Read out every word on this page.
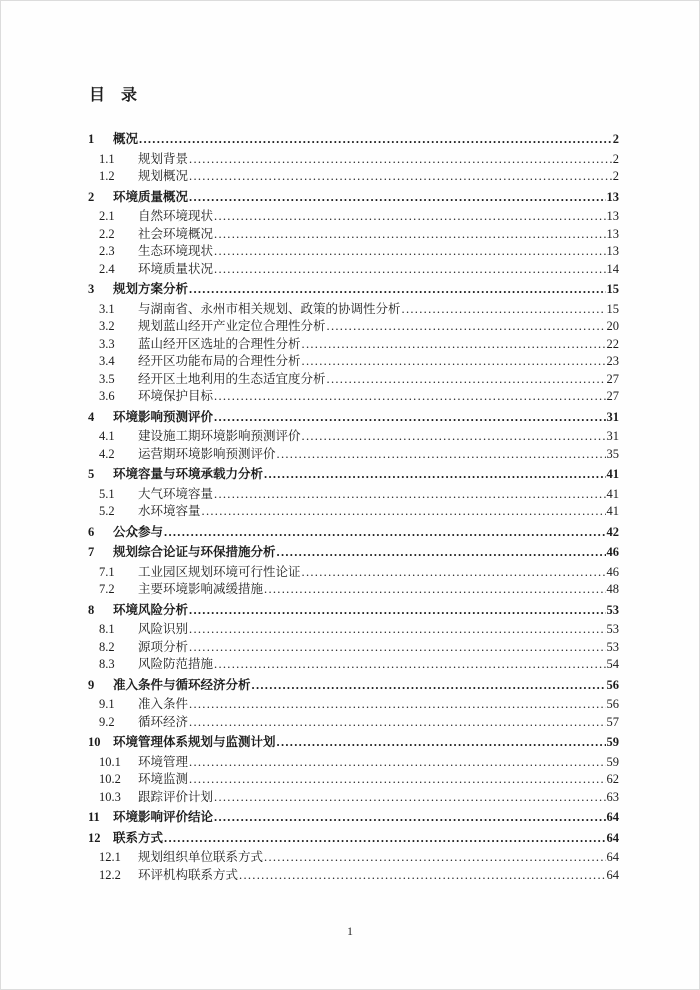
目　录
1	概况 .....	2
1.1	规划背景 .....	2
1.2	规划概况 .....	2
2	环境质量概况 .....	13
2.1	自然环境现状 .....	13
2.2	社会环境概况 .....	13
2.3	生态环境现状 .....	13
2.4	环境质量状况 .....	14
3	规划方案分析 .....	15
3.1	与湖南省、永州市相关规划、政策的协调性分析 .....	15
3.2	规划蓝山经开产业定位合理性分析 .....	20
3.3	蓝山经开区选址的合理性分析 .....	22
3.4	经开区功能布局的合理性分析 .....	23
3.5	经开区土地利用的生态适宜度分析 .....	27
3.6	环境保护目标 .....	27
4	环境影响预测评价 .....	31
4.1	建设施工期环境影响预测评价 .....	31
4.2	运营期环境影响预测评价 .....	35
5	环境容量与环境承载力分析 .....	41
5.1	大气环境容量 .....	41
5.2	水环境容量 .....	41
6	公众参与 .....	42
7	规划综合论证与环保措施分析 .....	46
7.1	工业园区规划环境可行性论证 .....	46
7.2	主要环境影响减缓措施 .....	48
8	环境风险分析 .....	53
8.1	风险识别 .....	53
8.2	源项分析 .....	53
8.3	风险防范措施 .....	54
9	准入条件与循环经济分析 .....	56
9.1	准入条件 .....	56
9.2	循环经济 .....	57
10	环境管理体系规划与监测计划 .....	59
10.1	环境管理 .....	59
10.2	环境监测 .....	62
10.3	跟踪评价计划 .....	63
11	环境影响评价结论 .....	64
12	联系方式 .....	64
12.1	规划组织单位联系方式 .....	64
12.2	环评机构联系方式 .....	64
1
